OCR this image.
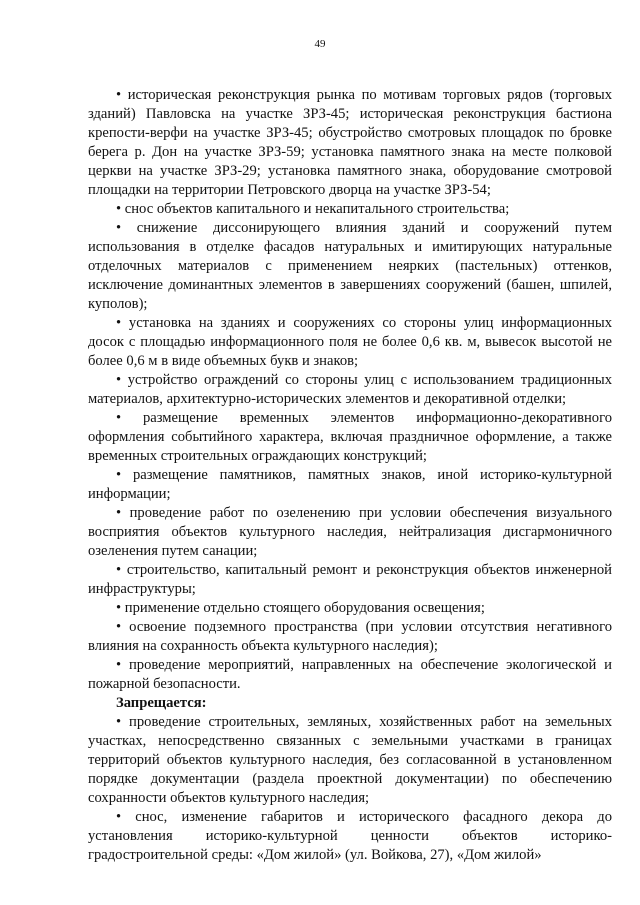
49

• историческая реконструкция рынка по мотивам торговых рядов (торговых зданий) Павловска на участке ЗРЗ-45; историческая реконструкция бастиона крепости-верфи на участке ЗРЗ-45; обустройство смотровых площадок по бровке берега р. Дон на участке ЗРЗ-59; установка памятного знака на месте полковой церкви на участке ЗРЗ-29; установка памятного знака, оборудование смотровой площадки на территории Петровского дворца на участке ЗРЗ-54;

• снос объектов капитального и некапитального строительства;

• снижение диссонирующего влияния зданий и сооружений путем использования в отделке фасадов натуральных и имитирующих натуральные отделочных материалов с применением неярких (пастельных) оттенков, исключение доминантных элементов в завершениях сооружений (башен, шпилей, куполов);

• установка на зданиях и сооружениях со стороны улиц информационных досок с площадью информационного поля не более 0,6 кв. м, вывесок высотой не более 0,6 м в виде объемных букв и знаков;

• устройство ограждений со стороны улиц с использованием традиционных материалов, архитектурно-исторических элементов и декоративной отделки;

• размещение временных элементов информационно-декоративного оформления событийного характера, включая праздничное оформление, а также временных строительных ограждающих конструкций;

• размещение памятников, памятных знаков, иной историко-культурной информации;

• проведение работ по озеленению при условии обеспечения визуального восприятия объектов культурного наследия, нейтрализация дисгармоничного озеленения путем санации;

• строительство, капитальный ремонт и реконструкция объектов инженерной инфраструктуры;

• применение отдельно стоящего оборудования освещения;

• освоение подземного пространства (при условии отсутствия негативного влияния на сохранность объекта культурного наследия);

• проведение мероприятий, направленных на обеспечение экологической и пожарной безопасности.

Запрещается:

• проведение строительных, земляных, хозяйственных работ на земельных участках, непосредственно связанных с земельными участками в границах территорий объектов культурного наследия, без согласованной в установленном порядке документации (раздела проектной документации) по обеспечению сохранности объектов культурного наследия;

• снос, изменение габаритов и исторического фасадного декора до установления историко-культурной ценности объектов историко-градостроительной среды: «Дом жилой» (ул. Войкова, 27), «Дом жилой»
